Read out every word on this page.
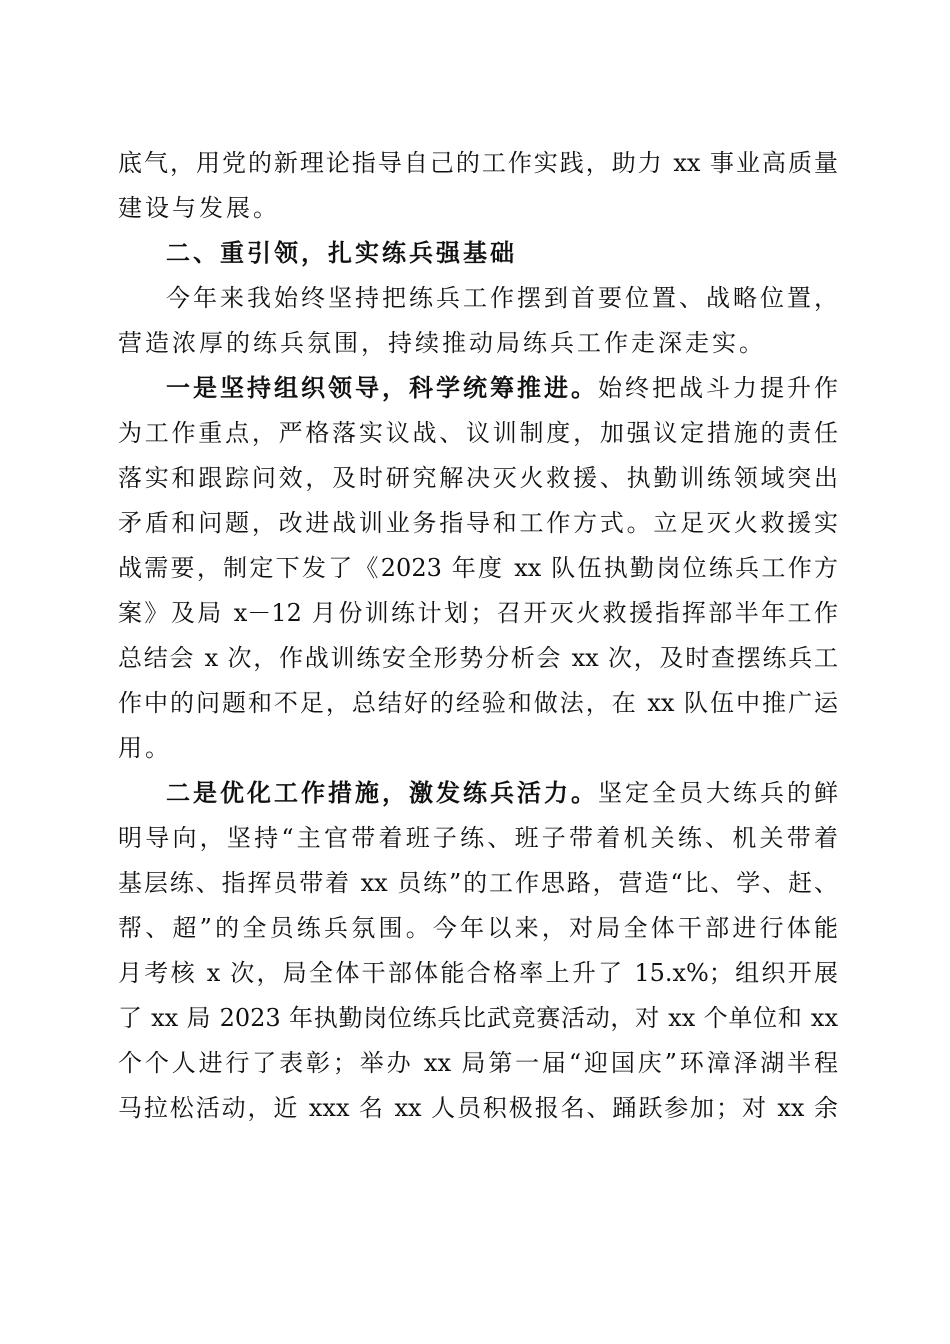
底气，用党的新理论指导自己的工作实践，助力 xx 事业高质量
建设与发展。
二、重引领，扎实练兵强基础
今年来我始终坚持把练兵工作摆到首要位置、战略位置，
营造浓厚的练兵氛围，持续推动局练兵工作走深走实。
一是坚持组织领导，科学统筹推进。始终把战斗力提升作
为工作重点，严格落实议战、议训制度，加强议定措施的责任
落实和跟踪问效，及时研究解决灭火救援、执勤训练领域突出
矛盾和问题，改进战训业务指导和工作方式。立足灭火救援实
战需要，制定下发了《2023 年度 xx 队伍执勤岗位练兵工作方
案》及局 x－12 月份训练计划；召开灭火救援指挥部半年工作
总结会 x 次，作战训练安全形势分析会 xx 次，及时查摆练兵工
作中的问题和不足，总结好的经验和做法，在 xx 队伍中推广运
用。
二是优化工作措施，激发练兵活力。坚定全员大练兵的鲜
明导向，坚持“主官带着班子练、班子带着机关练、机关带着
基层练、指挥员带着 xx 员练”的工作思路，营造“比、学、赶、
帮、超”的全员练兵氛围。今年以来，对局全体干部进行体能
月考核 x 次，局全体干部体能合格率上升了 15.x%；组织开展
了 xx 局 2023 年执勤岗位练兵比武竞赛活动，对 xx 个单位和 xx
个个人进行了表彰；举办 xx 局第一届“迎国庆”环漳泽湖半程
马拉松活动，近 xxx 名 xx 人员积极报名、踊跃参加；对 xx 余
